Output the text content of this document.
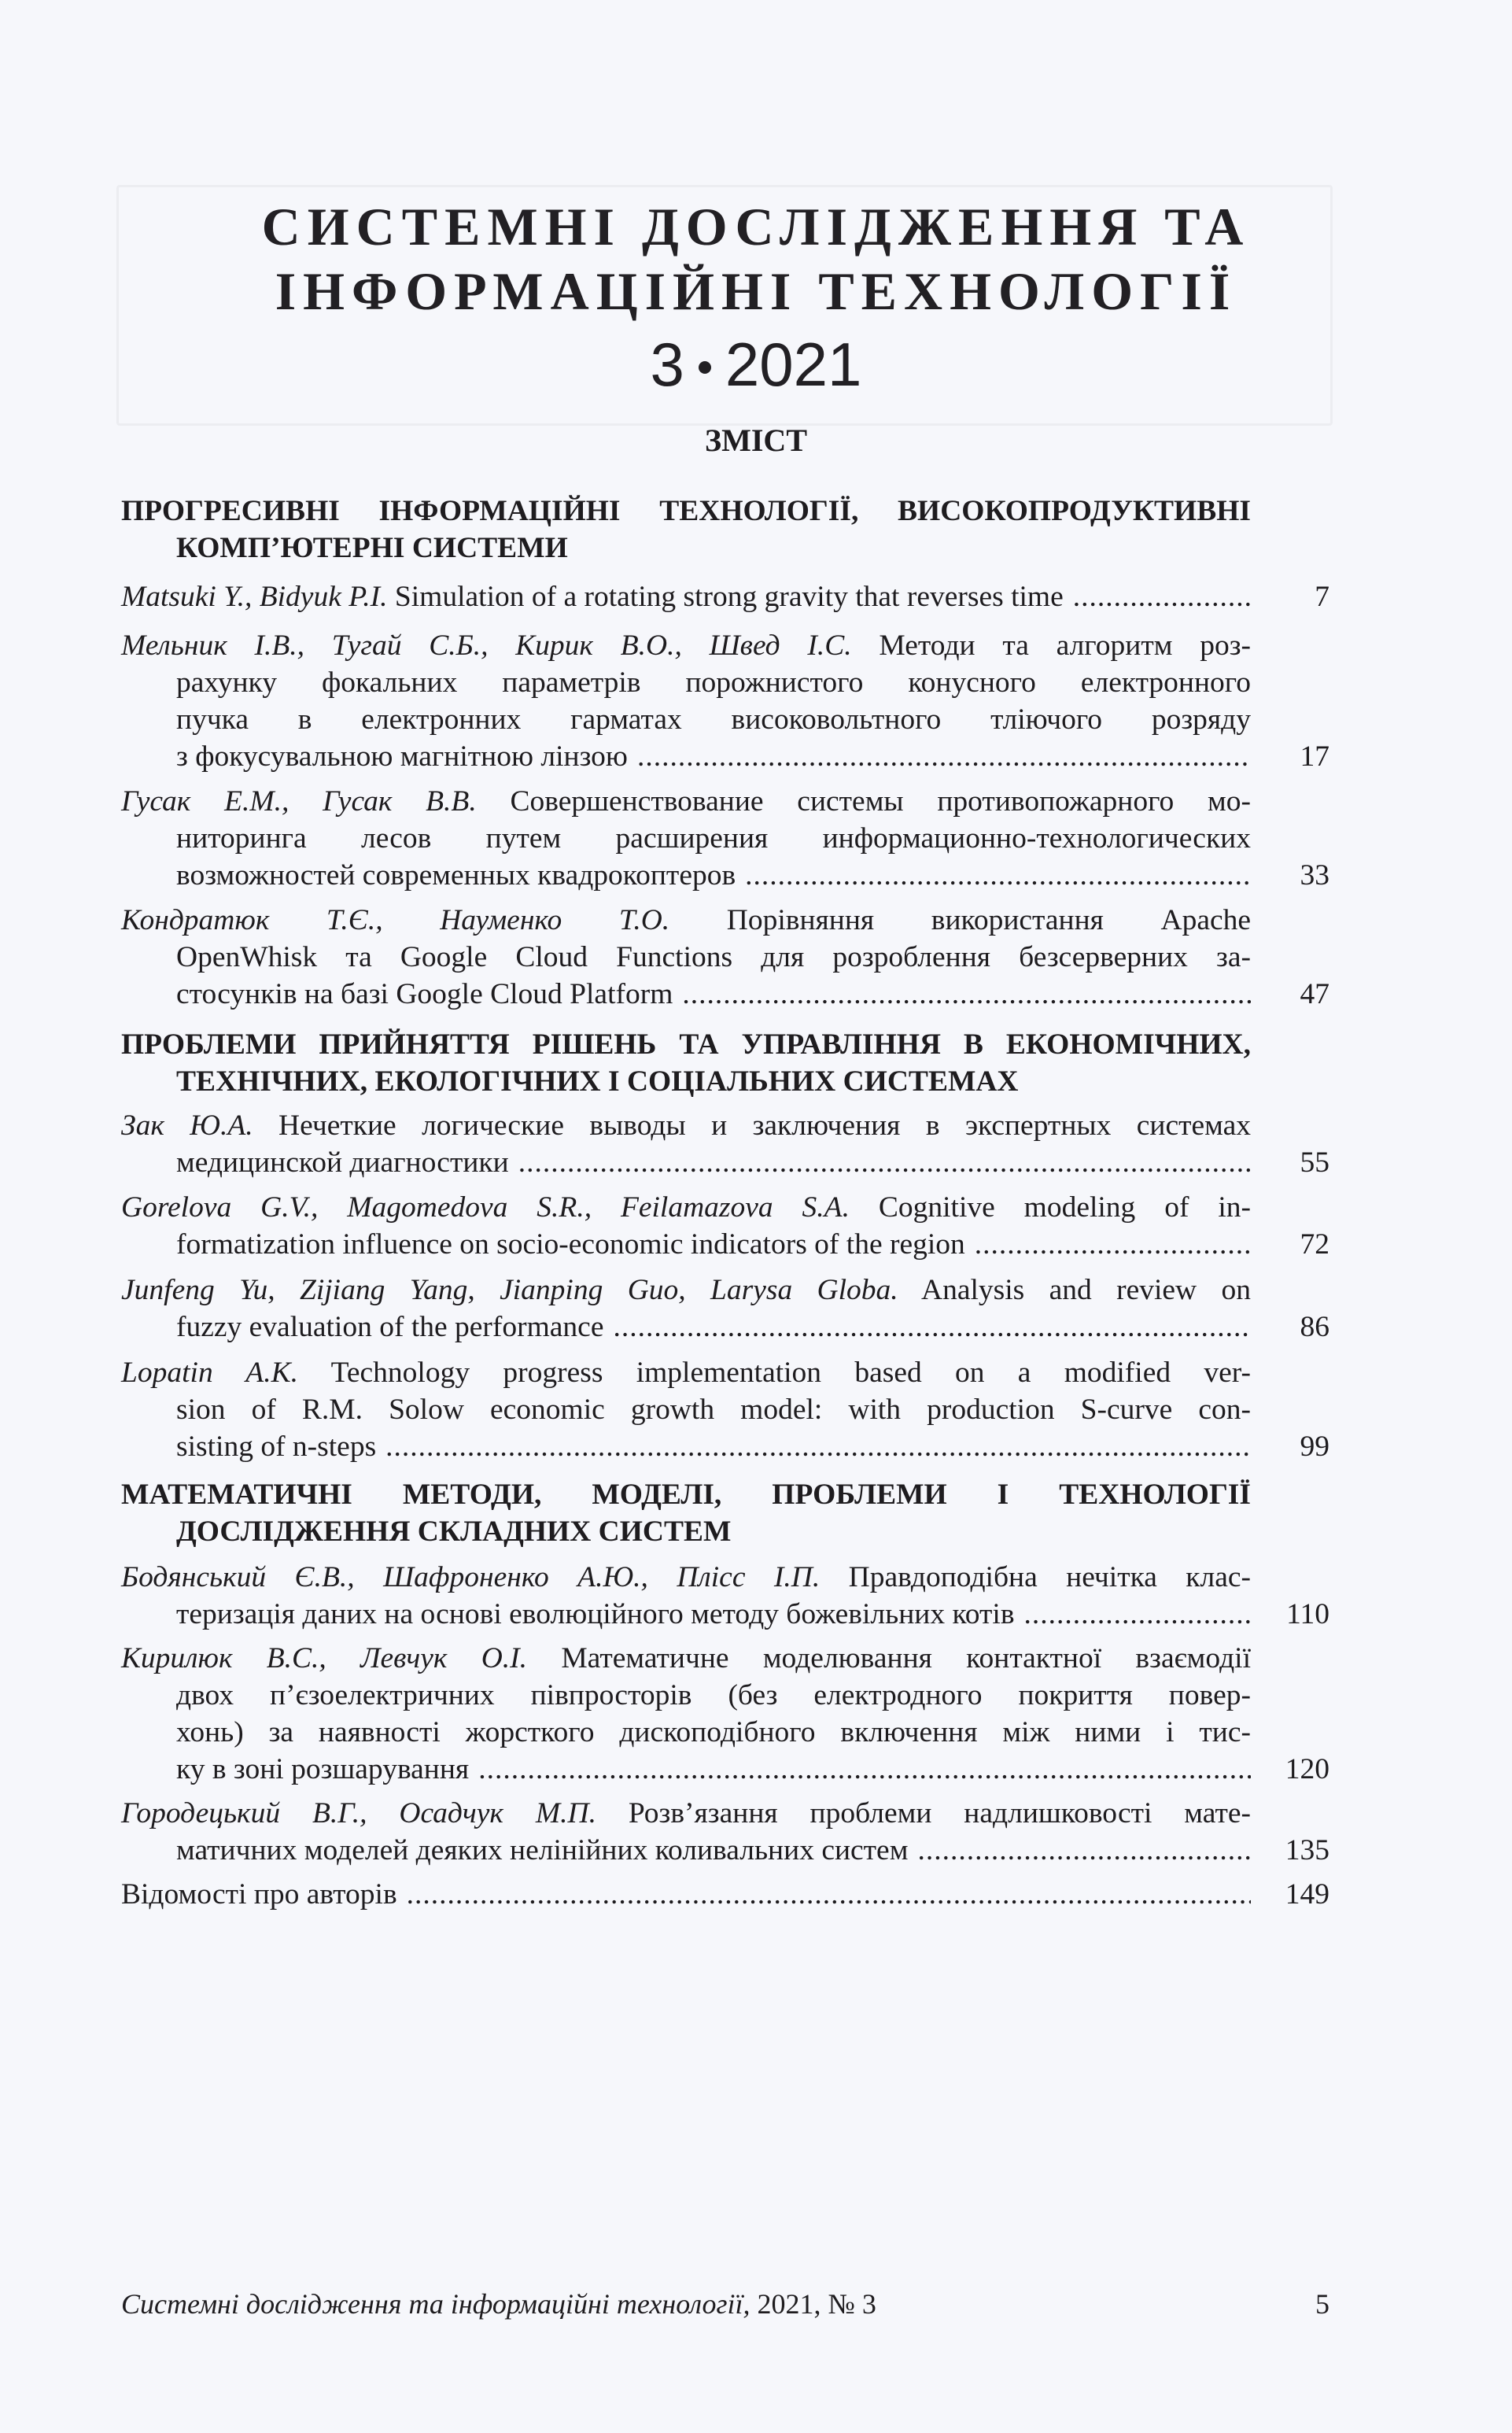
СИСТЕМНІ ДОСЛІДЖЕННЯ ТА
ІНФОРМАЦІЙНІ ТЕХНОЛОГІЇ
3 2021
ЗМІСТ
ПРОГРЕСИВНІ ІНФОРМАЦІЙНІ ТЕХНОЛОГІЇ, ВИСОКОПРОДУКТИВНІ
КОМП’ЮТЕРНІ СИСТЕМИ
Matsuki Y., Bidyuk P.I. Simulation of a rotating strong gravity that reverses time .....	7
Мельник І.В., Тугай С.Б., Кирик В.О., Швед І.С. Методи та алгоритм роз-
рахунку фокальних параметрів порожнистого конусного електронного
пучка в електронних гарматах високовольтного тліючого розряду
з фокусувальною магнітною лінзою .....	17
Гусак Е.М., Гусак В.В. Совершенствование системы противопожарного мо-
ниторинга лесов путем расширения информационно-технологических
возможностей современных квадрокоптеров .....	33
Кондратюк Т.Є., Науменко Т.О. Порівняння використання Apache
OpenWhisk та Google Cloud Functions для розроблення безсерверних за-
стосунків на базі Google Cloud Platform .....	47
ПРОБЛЕМИ ПРИЙНЯТТЯ РІШЕНЬ ТА УПРАВЛІННЯ В ЕКОНОМІЧНИХ,
ТЕХНІЧНИХ, ЕКОЛОГІЧНИХ І СОЦІАЛЬНИХ СИСТЕМАХ
Зак Ю.А. Нечеткие логические выводы и заключения в экспертных системах
медицинской диагностики .....	55
Gorelova G.V., Magomedova S.R., Feilamazova S.A. Cognitive modeling of in-
formatization influence on socio-economic indicators of the region .....	72
Junfeng Yu, Zijiang Yang, Jianping Guo, Larysa Globa. Analysis and review on
fuzzy evaluation of the performance .....	86
Lopatin A.K. Technology progress implementation based on a modified ver-
sion of R.M. Solow economic growth model: with production S-curve con-
sisting of n-steps .....	99
МАТЕМАТИЧНІ МЕТОДИ, МОДЕЛІ, ПРОБЛЕМИ І ТЕХНОЛОГІЇ
ДОСЛІДЖЕННЯ СКЛАДНИХ СИСТЕМ
Бодянський Є.В., Шафроненко А.Ю., Плісс І.П. Правдоподібна нечітка клас-
теризація даних на основі еволюційного методу божевільних котів .....	110
Кирилюк В.С., Левчук О.І. Математичне моделювання контактної взаємодії
двох п’єзоелектричних півпросторів (без електродного покриття повер-
хонь) за наявності жорсткого дископодібного включення між ними і тис-
ку в зоні розшарування .....	120
Городецький В.Г., Осадчук М.П. Розв’язання проблеми надлишковості мате-
матичних моделей деяких нелінійних коливальних систем .....	135
Відомості про авторів .....	149
Системні дослідження та інформаційні технології, 2021, № 3	5
